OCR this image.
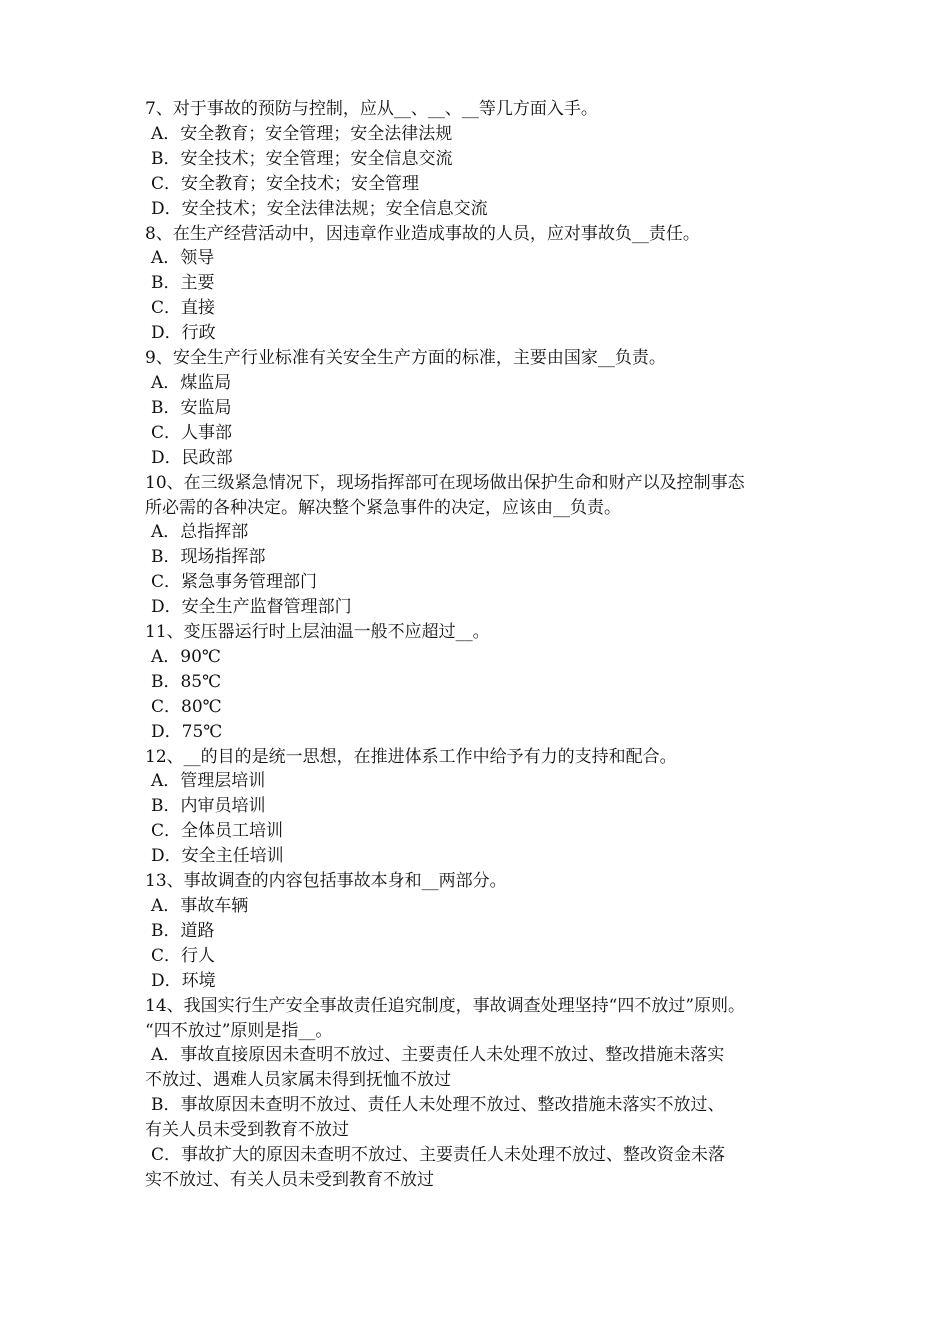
7、对于事故的预防与控制，应从__、__、__等几方面入手。
A．安全教育；安全管理；安全法律法规
B．安全技术；安全管理；安全信息交流
C．安全教育；安全技术；安全管理
D．安全技术；安全法律法规；安全信息交流
8、在生产经营活动中，因违章作业造成事故的人员，应对事故负__责任。
A．领导
B．主要
C．直接
D．行政
9、安全生产行业标准有关安全生产方面的标准，主要由国家__负责。
A．煤监局
B．安监局
C．人事部
D．民政部
10、在三级紧急情况下，现场指挥部可在现场做出保护生命和财产以及控制事态
所必需的各种决定。解决整个紧急事件的决定，应该由__负责。
A．总指挥部
B．现场指挥部
C．紧急事务管理部门
D．安全生产监督管理部门
11、变压器运行时上层油温一般不应超过__。
A．90℃
B．85℃
C．80℃
D．75℃
12、__的目的是统一思想，在推进体系工作中给予有力的支持和配合。
A．管理层培训
B．内审员培训
C．全体员工培训
D．安全主任培训
13、事故调查的内容包括事故本身和__两部分。
A．事故车辆
B．道路
C．行人
D．环境
14、我国实行生产安全事故责任追究制度，事故调查处理坚持“四不放过”原则。
“四不放过”原则是指__。
A．事故直接原因未查明不放过、主要责任人未处理不放过、整改措施未落实
不放过、遇难人员家属未得到抚恤不放过
B．事故原因未查明不放过、责任人未处理不放过、整改措施未落实不放过、
有关人员未受到教育不放过
C．事故扩大的原因未查明不放过、主要责任人未处理不放过、整改资金未落
实不放过、有关人员未受到教育不放过
